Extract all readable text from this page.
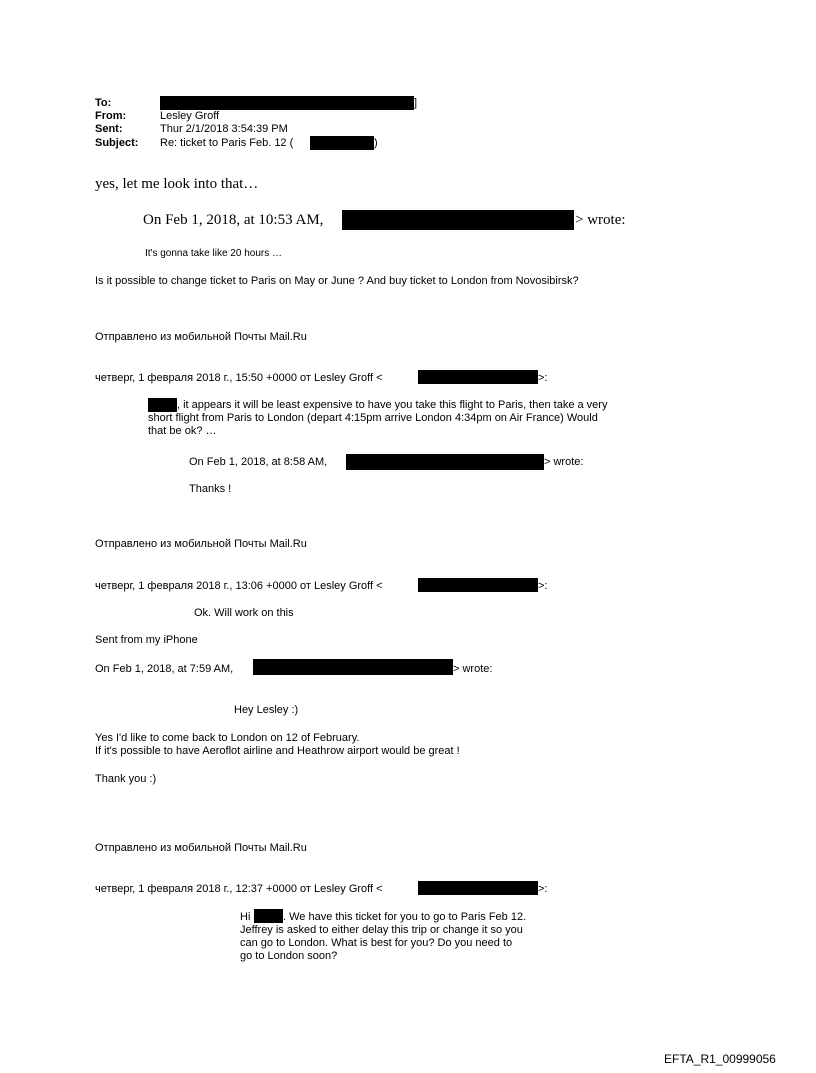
To:	]
From:	Lesley Groff
Sent:	Thur 2/1/2018 3:54:39 PM
Subject: Re: ticket to Paris Feb. 12 (	)
yes, let me look into that…
On Feb 1, 2018, at 10:53 AM,	> wrote:
It's gonna take like 20 hours …
Is it possible to change ticket to Paris on May or June ? And buy ticket to London from Novosibirsk?
Отправлено из мобильной Почты Mail.Ru
четверг, 1 февраля 2018 г., 15:50 +0000 от Lesley Groff <	>:
, it appears it will be least expensive to have you take this flight to Paris, then take a very
short flight from Paris to London (depart 4:15pm arrive London 4:34pm on Air France) Would
that be ok? …
On Feb 1, 2018, at 8:58 AM,	> wrote:
Thanks !
Отправлено из мобильной Почты Mail.Ru
четверг, 1 февраля 2018 г., 13:06 +0000 от Lesley Groff <	>:
Ok. Will work on this
Sent from my iPhone
On Feb 1, 2018, at 7:59 AM,	> wrote:
Hey Lesley :)
Yes I'd like to come back to London on 12 of February.
If it's possible to have Aeroflot airline and Heathrow airport would be great !
Thank you :)
Отправлено из мобильной Почты Mail.Ru
четверг, 1 февраля 2018 г., 12:37 +0000 от Lesley Groff <	>:
Hi	. We have this ticket for you to go to Paris Feb 12.
Jeffrey is asked to either delay this trip or change it so you
can go to London. What is best for you? Do you need to
go to London soon?
EFTA_R1_00999056
